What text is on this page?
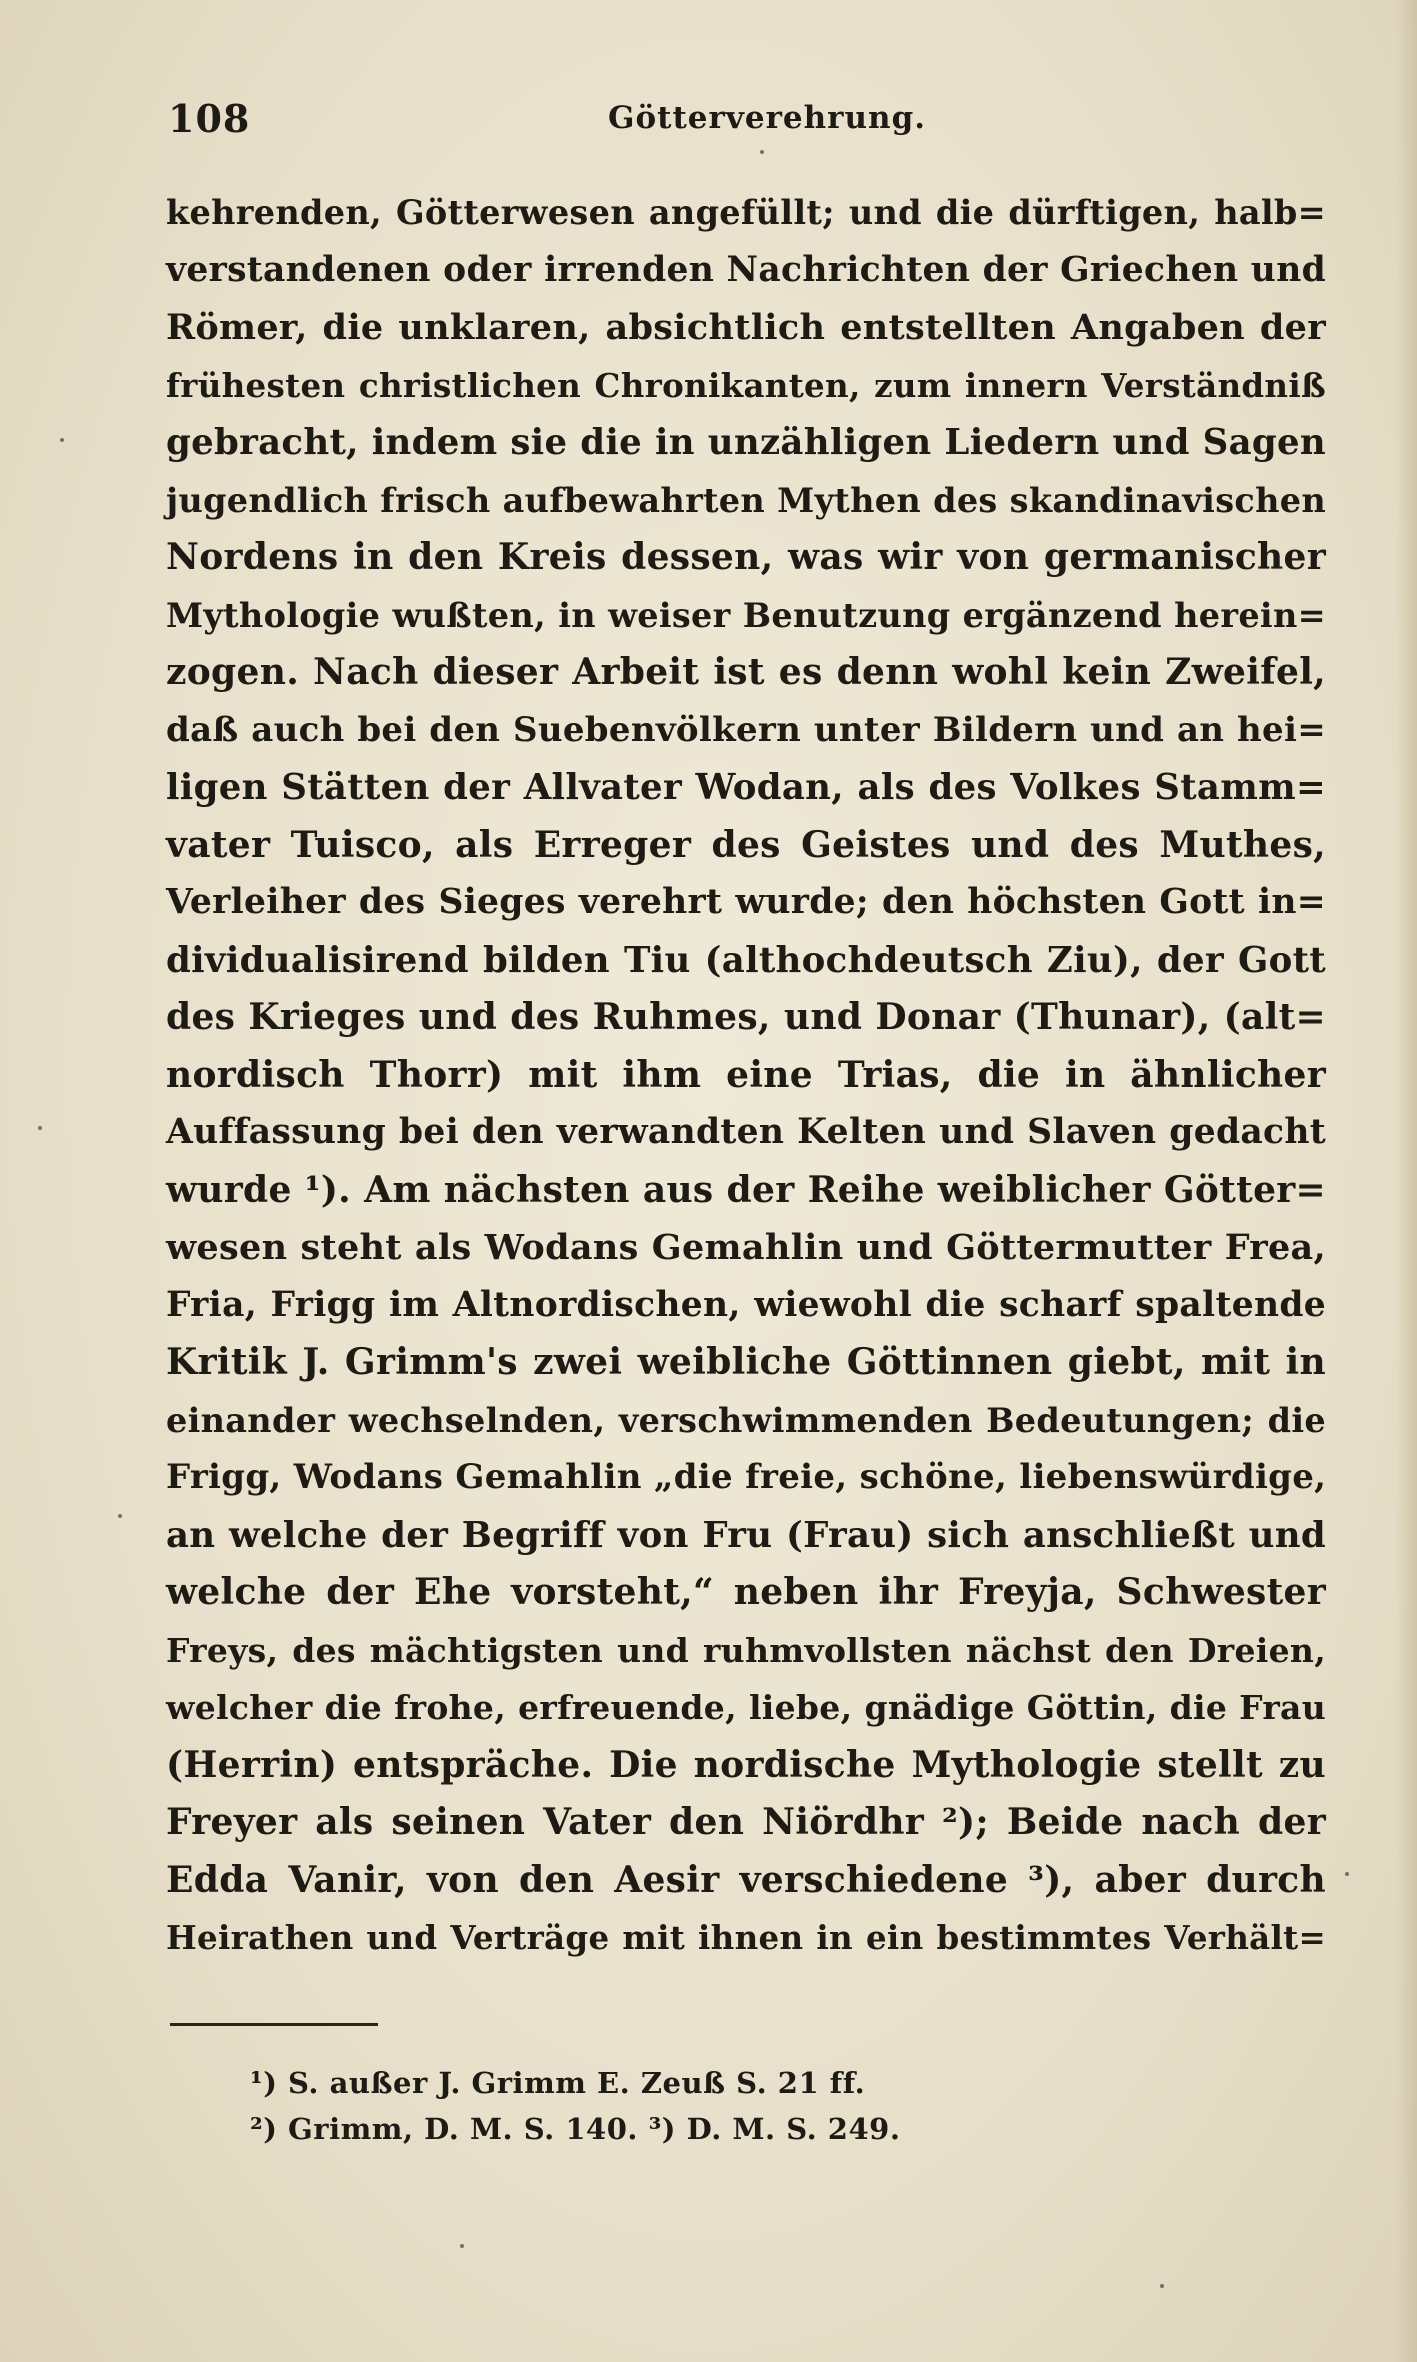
108	Götterverehrung.
kehrenden, Götterwesen angefüllt; und die dürftigen, halb=
verstandenen oder irrenden Nachrichten der Griechen und
Römer, die unklaren, absichtlich entstellten Angaben der
frühesten christlichen Chronikanten, zum innern Verständniß
gebracht, indem sie die in unzähligen Liedern und Sagen
jugendlich frisch aufbewahrten Mythen des skandinavischen
Nordens in den Kreis dessen, was wir von germanischer
Mythologie wußten, in weiser Benutzung ergänzend herein=
zogen. Nach dieser Arbeit ist es denn wohl kein Zweifel,
daß auch bei den Suebenvölkern unter Bildern und an hei=
ligen Stätten der Allvater Wodan, als des Volkes Stamm=
vater Tuisco, als Erreger des Geistes und des Muthes,
Verleiher des Sieges verehrt wurde; den höchsten Gott in=
dividualisirend bilden Tiu (althochdeutsch Ziu), der Gott
des Krieges und des Ruhmes, und Donar (Thunar), (alt=
nordisch Thorr) mit ihm eine Trias, die in ähnlicher
Auffassung bei den verwandten Kelten und Slaven gedacht
wurde ¹). Am nächsten aus der Reihe weiblicher Götter=
wesen steht als Wodans Gemahlin und Göttermutter Frea,
Fria, Frigg im Altnordischen, wiewohl die scharf spaltende
Kritik J. Grimm's zwei weibliche Göttinnen giebt, mit in
einander wechselnden, verschwimmenden Bedeutungen; die
Frigg, Wodans Gemahlin „die freie, schöne, liebenswürdige,
an welche der Begriff von Fru (Frau) sich anschließt und
welche der Ehe vorsteht,“ neben ihr Freyja, Schwester
Freys, des mächtigsten und ruhmvollsten nächst den Dreien,
welcher die frohe, erfreuende, liebe, gnädige Göttin, die Frau
(Herrin) entspräche. Die nordische Mythologie stellt zu
Freyer als seinen Vater den Niördhr ²); Beide nach der
Edda Vanir, von den Aesir verschiedene ³), aber durch
Heirathen und Verträge mit ihnen in ein bestimmtes Verhält=
¹) S. außer J. Grimm E. Zeuß S. 21 ff.
²) Grimm, D. M. S. 140. ³) D. M. S. 249.
